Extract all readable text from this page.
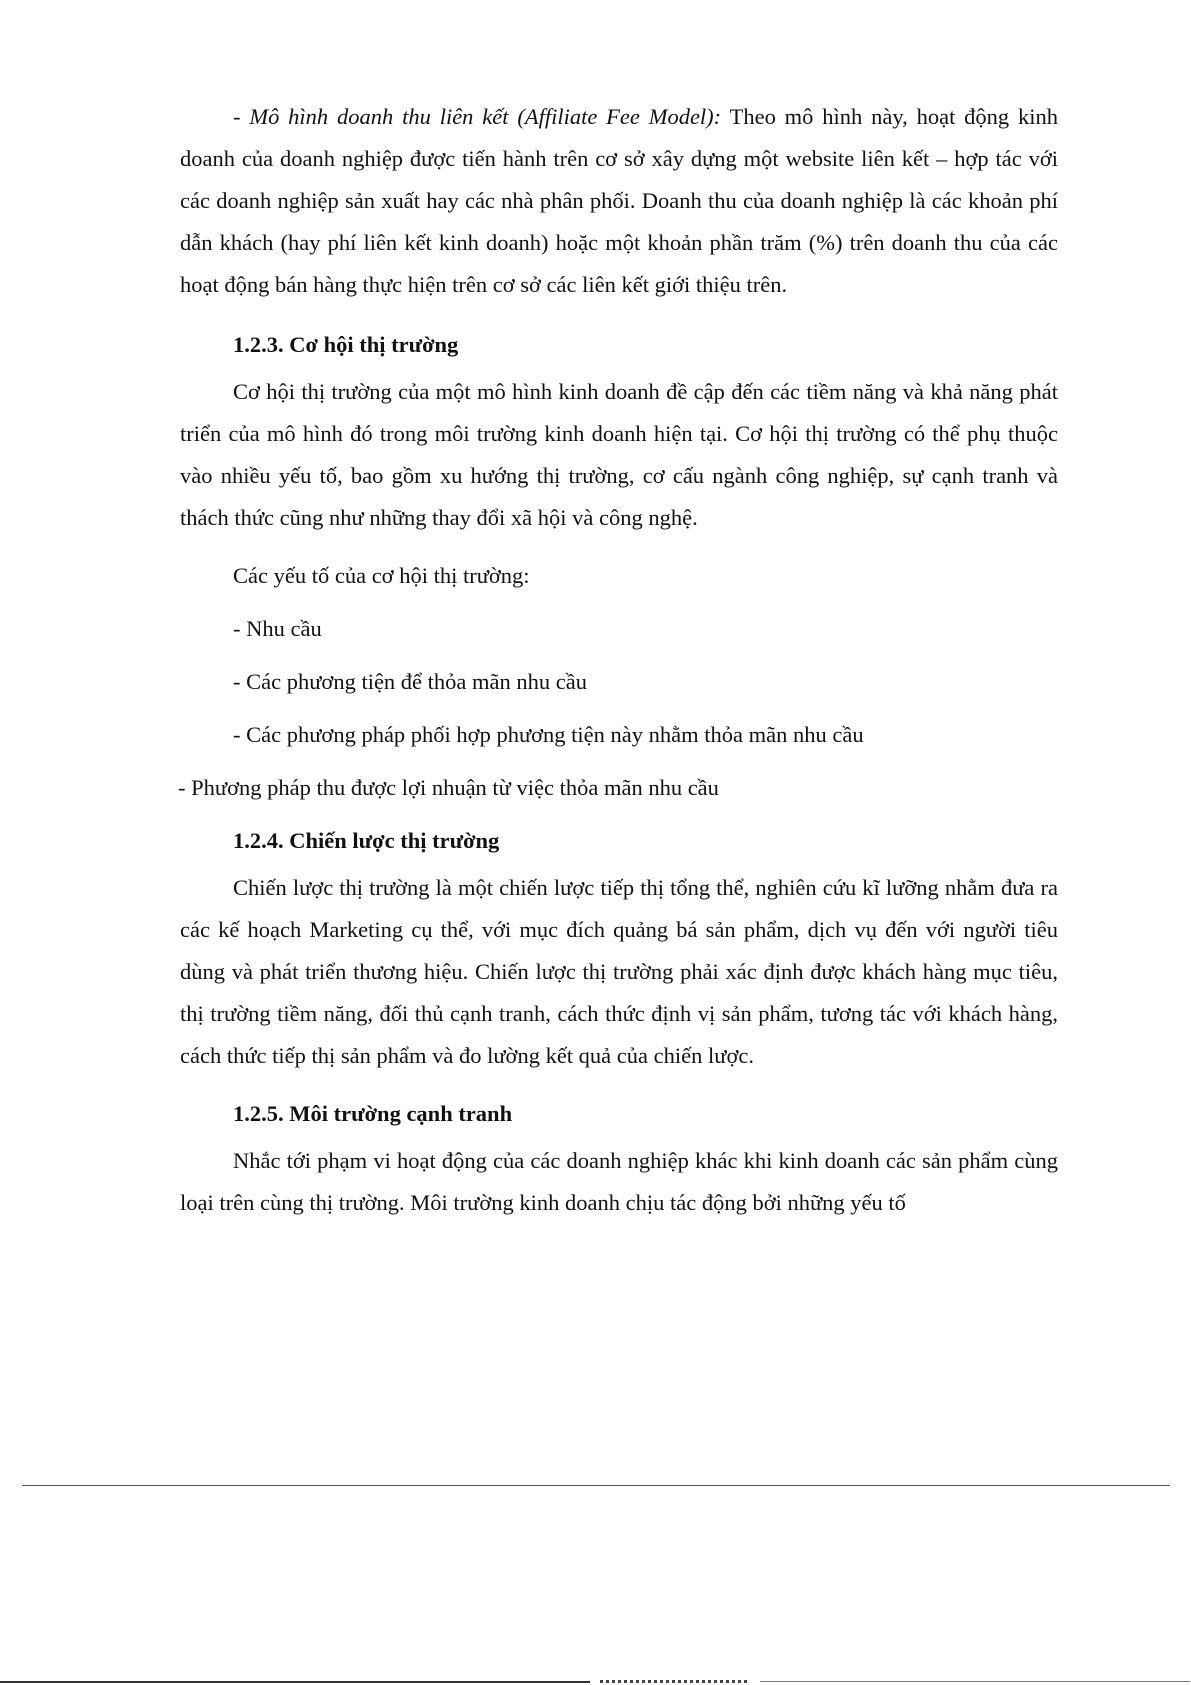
- Mô hình doanh thu liên kết (Affiliate Fee Model): Theo mô hình này, hoạt động kinh doanh của doanh nghiệp được tiến hành trên cơ sở xây dựng một website liên kết – hợp tác với các doanh nghiệp sản xuất hay các nhà phân phối. Doanh thu của doanh nghiệp là các khoản phí dẫn khách (hay phí liên kết kinh doanh) hoặc một khoản phần trăm (%) trên doanh thu của các hoạt động bán hàng thực hiện trên cơ sở các liên kết giới thiệu trên.

1.2.3. Cơ hội thị trường

Cơ hội thị trường của một mô hình kinh doanh đề cập đến các tiềm năng và khả năng phát triển của mô hình đó trong môi trường kinh doanh hiện tại. Cơ hội thị trường có thể phụ thuộc vào nhiều yếu tố, bao gồm xu hướng thị trường, cơ cấu ngành công nghiệp, sự cạnh tranh và thách thức cũng như những thay đổi xã hội và công nghệ.

Các yếu tố của cơ hội thị trường:

- Nhu cầu

- Các phương tiện để thỏa mãn nhu cầu

- Các phương pháp phối hợp phương tiện này nhằm thỏa mãn nhu cầu

- Phương pháp thu được lợi nhuận từ việc thỏa mãn nhu cầu

1.2.4. Chiến lược thị trường

Chiến lược thị trường là một chiến lược tiếp thị tổng thể, nghiên cứu kĩ lưỡng nhằm đưa ra các kế hoạch Marketing cụ thể, với mục đích quảng bá sản phẩm, dịch vụ đến với người tiêu dùng và phát triển thương hiệu. Chiến lược thị trường phải xác định được khách hàng mục tiêu, thị trường tiềm năng, đối thủ cạnh tranh, cách thức định vị sản phẩm, tương tác với khách hàng, cách thức tiếp thị sản phẩm và đo lường kết quả của chiến lược.

1.2.5. Môi trường cạnh tranh

Nhắc tới phạm vi hoạt động của các doanh nghiệp khác khi kinh doanh các sản phẩm cùng loại trên cùng thị trường. Môi trường kinh doanh chịu tác động bởi những yếu tố
